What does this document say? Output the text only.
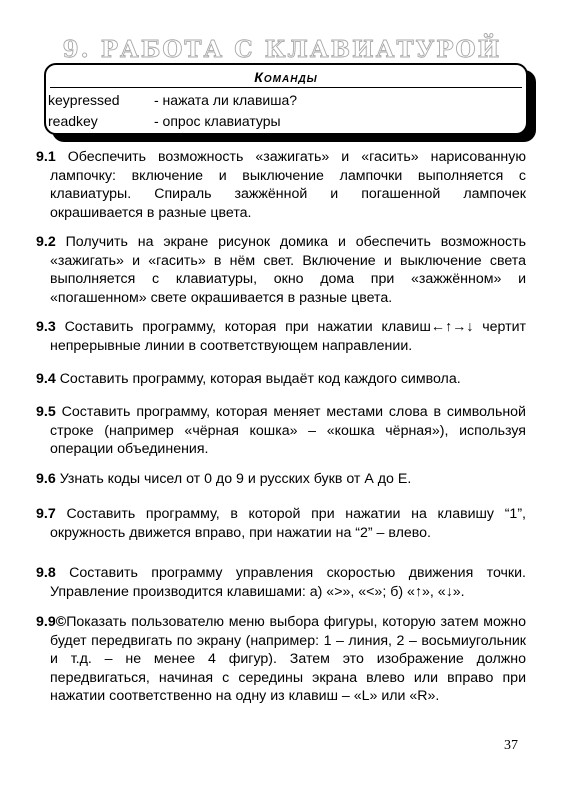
9. РАБОТА С КЛАВИАТУРОЙ
Команды
keypressed - нажата ли клавиша?
readkey	- опрос клавиатуры
9.1 Обеспечить возможность «зажигать» и «гасить» нарисованную лампочку: включение и выключение лампочки выполняется с клавиатуры. Спираль зажжённой и погашенной лампочек окрашивается в разные цвета.
9.2 Получить на экране рисунок домика и обеспечить возможность «зажигать» и «гасить» в нём свет. Включение и выключение света выполняется с клавиатуры, окно дома при «зажжённом» и «погашенном» свете окрашивается в разные цвета.
9.3 Составить программу, которая при нажатии клавиш←↑→↓ чертит непрерывные линии в соответствующем направлении.
9.4 Составить программу, которая выдаёт код каждого символа.
9.5 Составить программу, которая меняет местами слова в символьной строке (например «чёрная кошка» – «кошка чёрная»), используя операции объединения.
9.6 Узнать коды чисел от 0 до 9 и русских букв от А до Е.
9.7 Составить программу, в которой при нажатии на клавишу “1”, окружность движется вправо, при нажатии на “2” – влево.
9.8 Составить программу управления скоростью движения точки. Управление производится клавишами: а) «>», «<»; б) «↑», «↓».
9.9©Показать пользователю меню выбора фигуры, которую затем можно будет передвигать по экрану (например: 1 – линия, 2 – восьмиугольник и т.д. – не менее 4 фигур). Затем это изображение должно передвигаться, начиная с середины экрана влево или вправо при нажатии соответственно на одну из клавиш – «L» или «R».
37
